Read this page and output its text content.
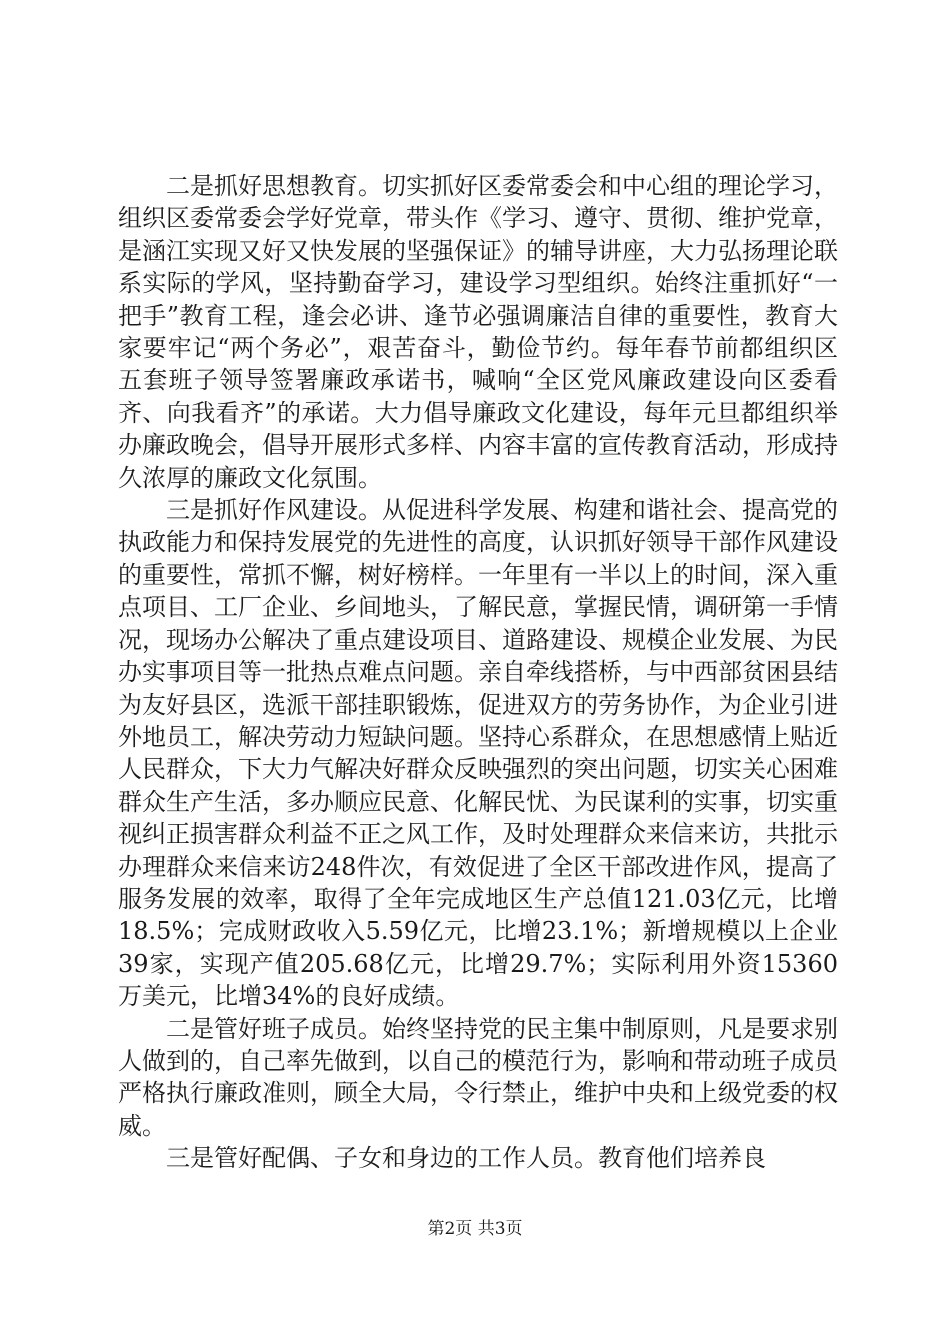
二是抓好思想教育。切实抓好区委常委会和中心组的理论学习，组织区委常委会学好党章，带头作《学习、遵守、贯彻、维护党章，是涵江实现又好又快发展的坚强保证》的辅导讲座，大力弘扬理论联系实际的学风，坚持勤奋学习，建设学习型组织。始终注重抓好“一把手”教育工程，逢会必讲、逢节必强调廉洁自律的重要性，教育大家要牢记“两个务必”，艰苦奋斗，勤俭节约。每年春节前都组织区五套班子领导签署廉政承诺书，喊响“全区党风廉政建设向区委看齐、向我看齐”的承诺。大力倡导廉政文化建设，每年元旦都组织举办廉政晚会，倡导开展形式多样、内容丰富的宣传教育活动，形成持久浓厚的廉政文化氛围。

三是抓好作风建设。从促进科学发展、构建和谐社会、提高党的执政能力和保持发展党的先进性的高度，认识抓好领导干部作风建设的重要性，常抓不懈，树好榜样。一年里有一半以上的时间，深入重点项目、工厂企业、乡间地头，了解民意，掌握民情，调研第一手情况，现场办公解决了重点建设项目、道路建设、规模企业发展、为民办实事项目等一批热点难点问题。亲自牵线搭桥，与中西部贫困县结为友好县区，选派干部挂职锻炼，促进双方的劳务协作，为企业引进外地员工，解决劳动力短缺问题。坚持心系群众，在思想感情上贴近人民群众，下大力气解决好群众反映强烈的突出问题，切实关心困难群众生产生活，多办顺应民意、化解民忧、为民谋利的实事，切实重视纠正损害群众利益不正之风工作，及时处理群众来信来访，共批示办理群众来信来访248件次，有效促进了全区干部改进作风，提高了服务发展的效率，取得了全年完成地区生产总值121.03亿元，比增18.5%；完成财政收入5.59亿元，比增23.1%；新增规模以上企业39家，实现产值205.68亿元，比增29.7%；实际利用外资15360万美元，比增34%的良好成绩。

二是管好班子成员。始终坚持党的民主集中制原则，凡是要求别人做到的，自己率先做到，以自己的模范行为，影响和带动班子成员严格执行廉政准则，顾全大局，令行禁止，维护中央和上级党委的权威。

三是管好配偶、子女和身边的工作人员。教育他们培养良

第2页 共3页
